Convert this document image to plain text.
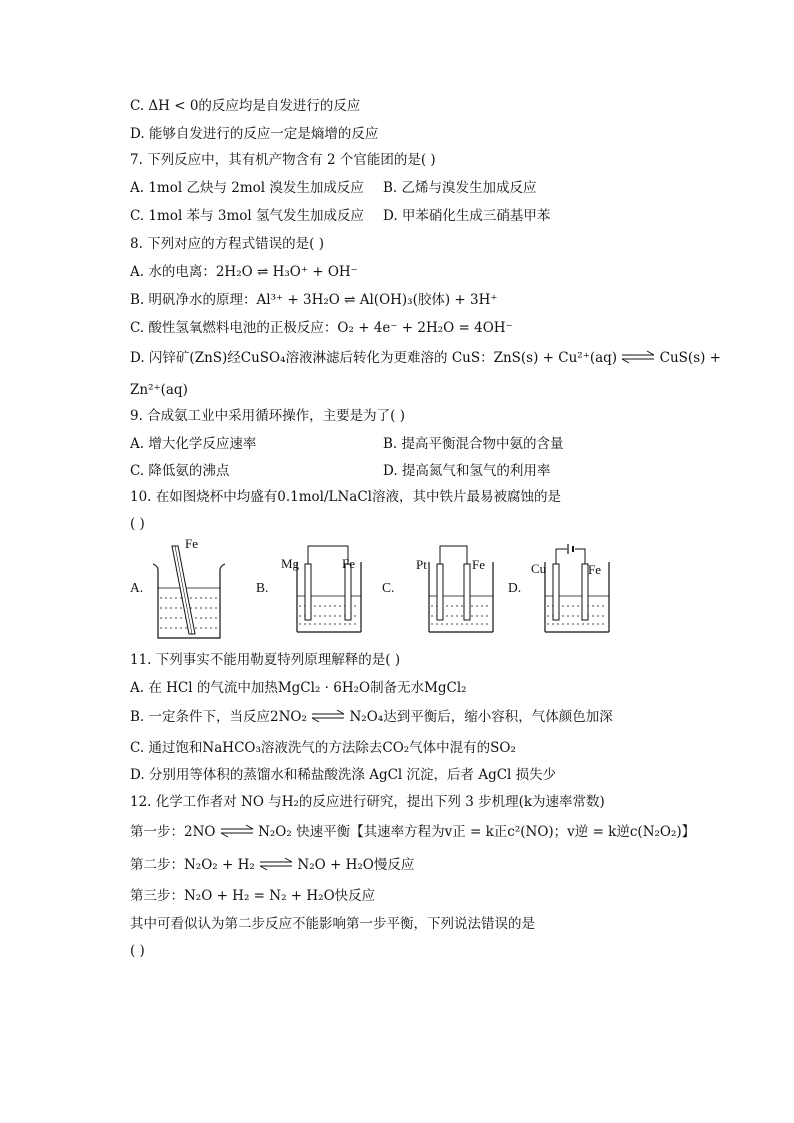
C. ΔH < 0的反应均是自发进行的反应
D. 能够自发进行的反应一定是熵增的反应
7. 下列反应中，其有机产物含有 2 个官能团的是( )
A. 1mol 乙炔与 2mol 溴发生加成反应 B. 乙烯与溴发生加成反应
C. 1mol 苯与 3mol 氢气发生加成反应 D. 甲苯硝化生成三硝基甲苯
8. 下列对应的方程式错误的是( )
A. 水的电离：2H₂O ⇌ H₃O⁺ + OH⁻
B. 明矾净水的原理：Al³⁺ + 3H₂O ⇌ Al(OH)₃(胶体) + 3H⁺
C. 酸性氢氧燃料电池的正极反应：O₂ + 4e⁻ + 2H₂O = 4OH⁻
D. 闪锌矿(ZnS)经CuSO₄溶液淋滤后转化为更难溶的 CuS：ZnS(s) + Cu²⁺(aq) ⇌ CuS(s) +
Zn²⁺(aq)
9. 合成氨工业中采用循环操作，主要是为了( )
A. 增大化学反应速率	B. 提高平衡混合物中氨的含量
C. 降低氨的沸点	D. 提高氮气和氢气的利用率
10. 在如图烧杯中均盛有0.1mol/LNaCl溶液，其中铁片最易被腐蚀的是
( )
A.	B.	C.	D.
Fe
Mg	Fe	Pt	Fe	Cu	Fe
11. 下列事实不能用勒夏特列原理解释的是( )
A. 在 HCl 的气流中加热MgCl₂ · 6H₂O制备无水MgCl₂
B. 一定条件下，当反应2NO₂ ⇌ N₂O₄达到平衡后，缩小容积，气体颜色加深
C. 通过饱和NaHCO₃溶液洗气的方法除去CO₂气体中混有的SO₂
D. 分别用等体积的蒸馏水和稀盐酸洗涤 AgCl 沉淀，后者 AgCl 损失少
12. 化学工作者对 NO 与H₂的反应进行研究，提出下列 3 步机理(k为速率常数)
第一步：2NO ⇌ N₂O₂ 快速平衡【其速率方程为v正 = k正c²(NO)；v逆 = k逆c(N₂O₂)】
第二步：N₂O₂ + H₂ ⇌ N₂O + H₂O慢反应
第三步：N₂O + H₂ = N₂ + H₂O快反应
其中可看似认为第二步反应不能影响第一步平衡，下列说法错误的是
( )
